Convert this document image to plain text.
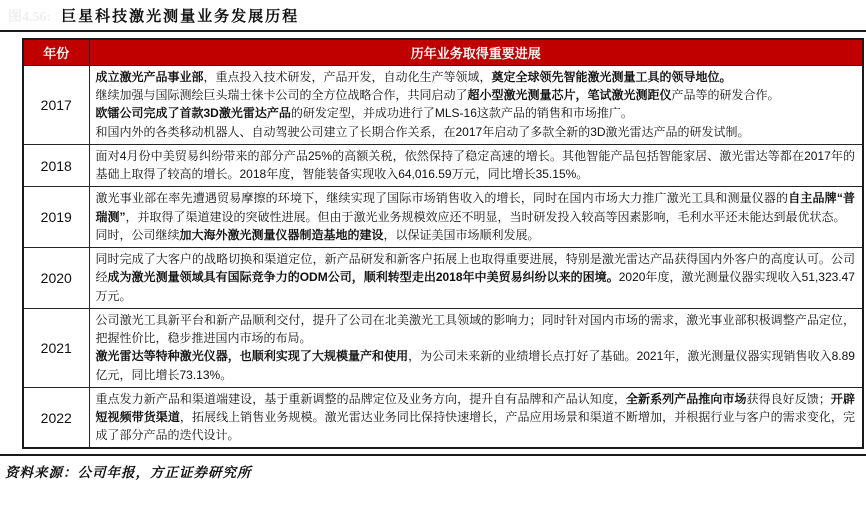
图4.56: 巨星科技激光测量业务发展历程
年份	历年业务取得重要进展
2017	成立激光产品事业部，重点投入技术研发，产品开发，自动化生产等领域，奠定全球领先智能激光测量工具的领导地位。
继续加强与国际测绘巨头瑞士徕卡公司的全方位战略合作，共同启动了超小型激光测量芯片，笔试激光测距仪产品等的研发合作。
欧镭公司完成了首款3D激光雷达产品的研发定型，并成功进行了MLS-16这款产品的销售和市场推广。
和国内外的各类移动机器人、自动驾驶公司建立了长期合作关系，在2017年启动了多款全新的3D激光雷达产品的研发试制。

2018	面对4月份中美贸易纠纷带来的部分产品25%的高额关税，依然保持了稳定高速的增长。其他智能产品包括智能家居、激光雷达等都在2017年的基础上取得了较高的增长。2018年度，智能装备实现收入64,016.59万元，同比增长35.15%。

2019	激光事业部在率先遭遇贸易摩擦的环境下，继续实现了国际市场销售收入的增长，同时在国内市场大力推广激光工具和测量仪器的自主品牌“普瑞测”，并取得了渠道建设的突破性进展。但由于激光业务规模效应还不明显，当时研发投入较高等因素影响，毛利水平还未能达到最优状态。
同时，公司继续加大海外激光测量仪器制造基地的建设，以保证美国市场顺利发展。

2020	同时完成了大客户的战略切换和渠道定位，新产品研发和新客户拓展上也取得重要进展，特别是激光雷达产品获得国内外客户的高度认可。公司经成为激光测量领域具有国际竞争力的ODM公司，顺利转型走出2018年中美贸易纠纷以来的困境。2020年度，激光测量仪器实现收入51,323.47万元。

2021	公司激光工具新平台和新产品顺利交付，提升了公司在北美激光工具领域的影响力；同时针对国内市场的需求，激光事业部积极调整产品定位，把握性价比，稳步推进国内市场的布局。
激光雷达等特种激光仪器，也顺利实现了大规模量产和使用，为公司未来新的业绩增长点打好了基础。2021年，激光测量仪器实现销售收入8.89亿元，同比增长73.13%。

2022	重点发力新产品和渠道端建设，基于重新调整的品牌定位及业务方向，提升自有品牌和产品认知度，全新系列产品推向市场获得良好反馈；开辟短视频带货渠道，拓展线上销售业务规模。激光雷达业务同比保持快速增长，产品应用场景和渠道不断增加，并根据行业与客户的需求变化，完成了部分产品的迭代设计。
资料来源：公司年报，方正证券研究所
